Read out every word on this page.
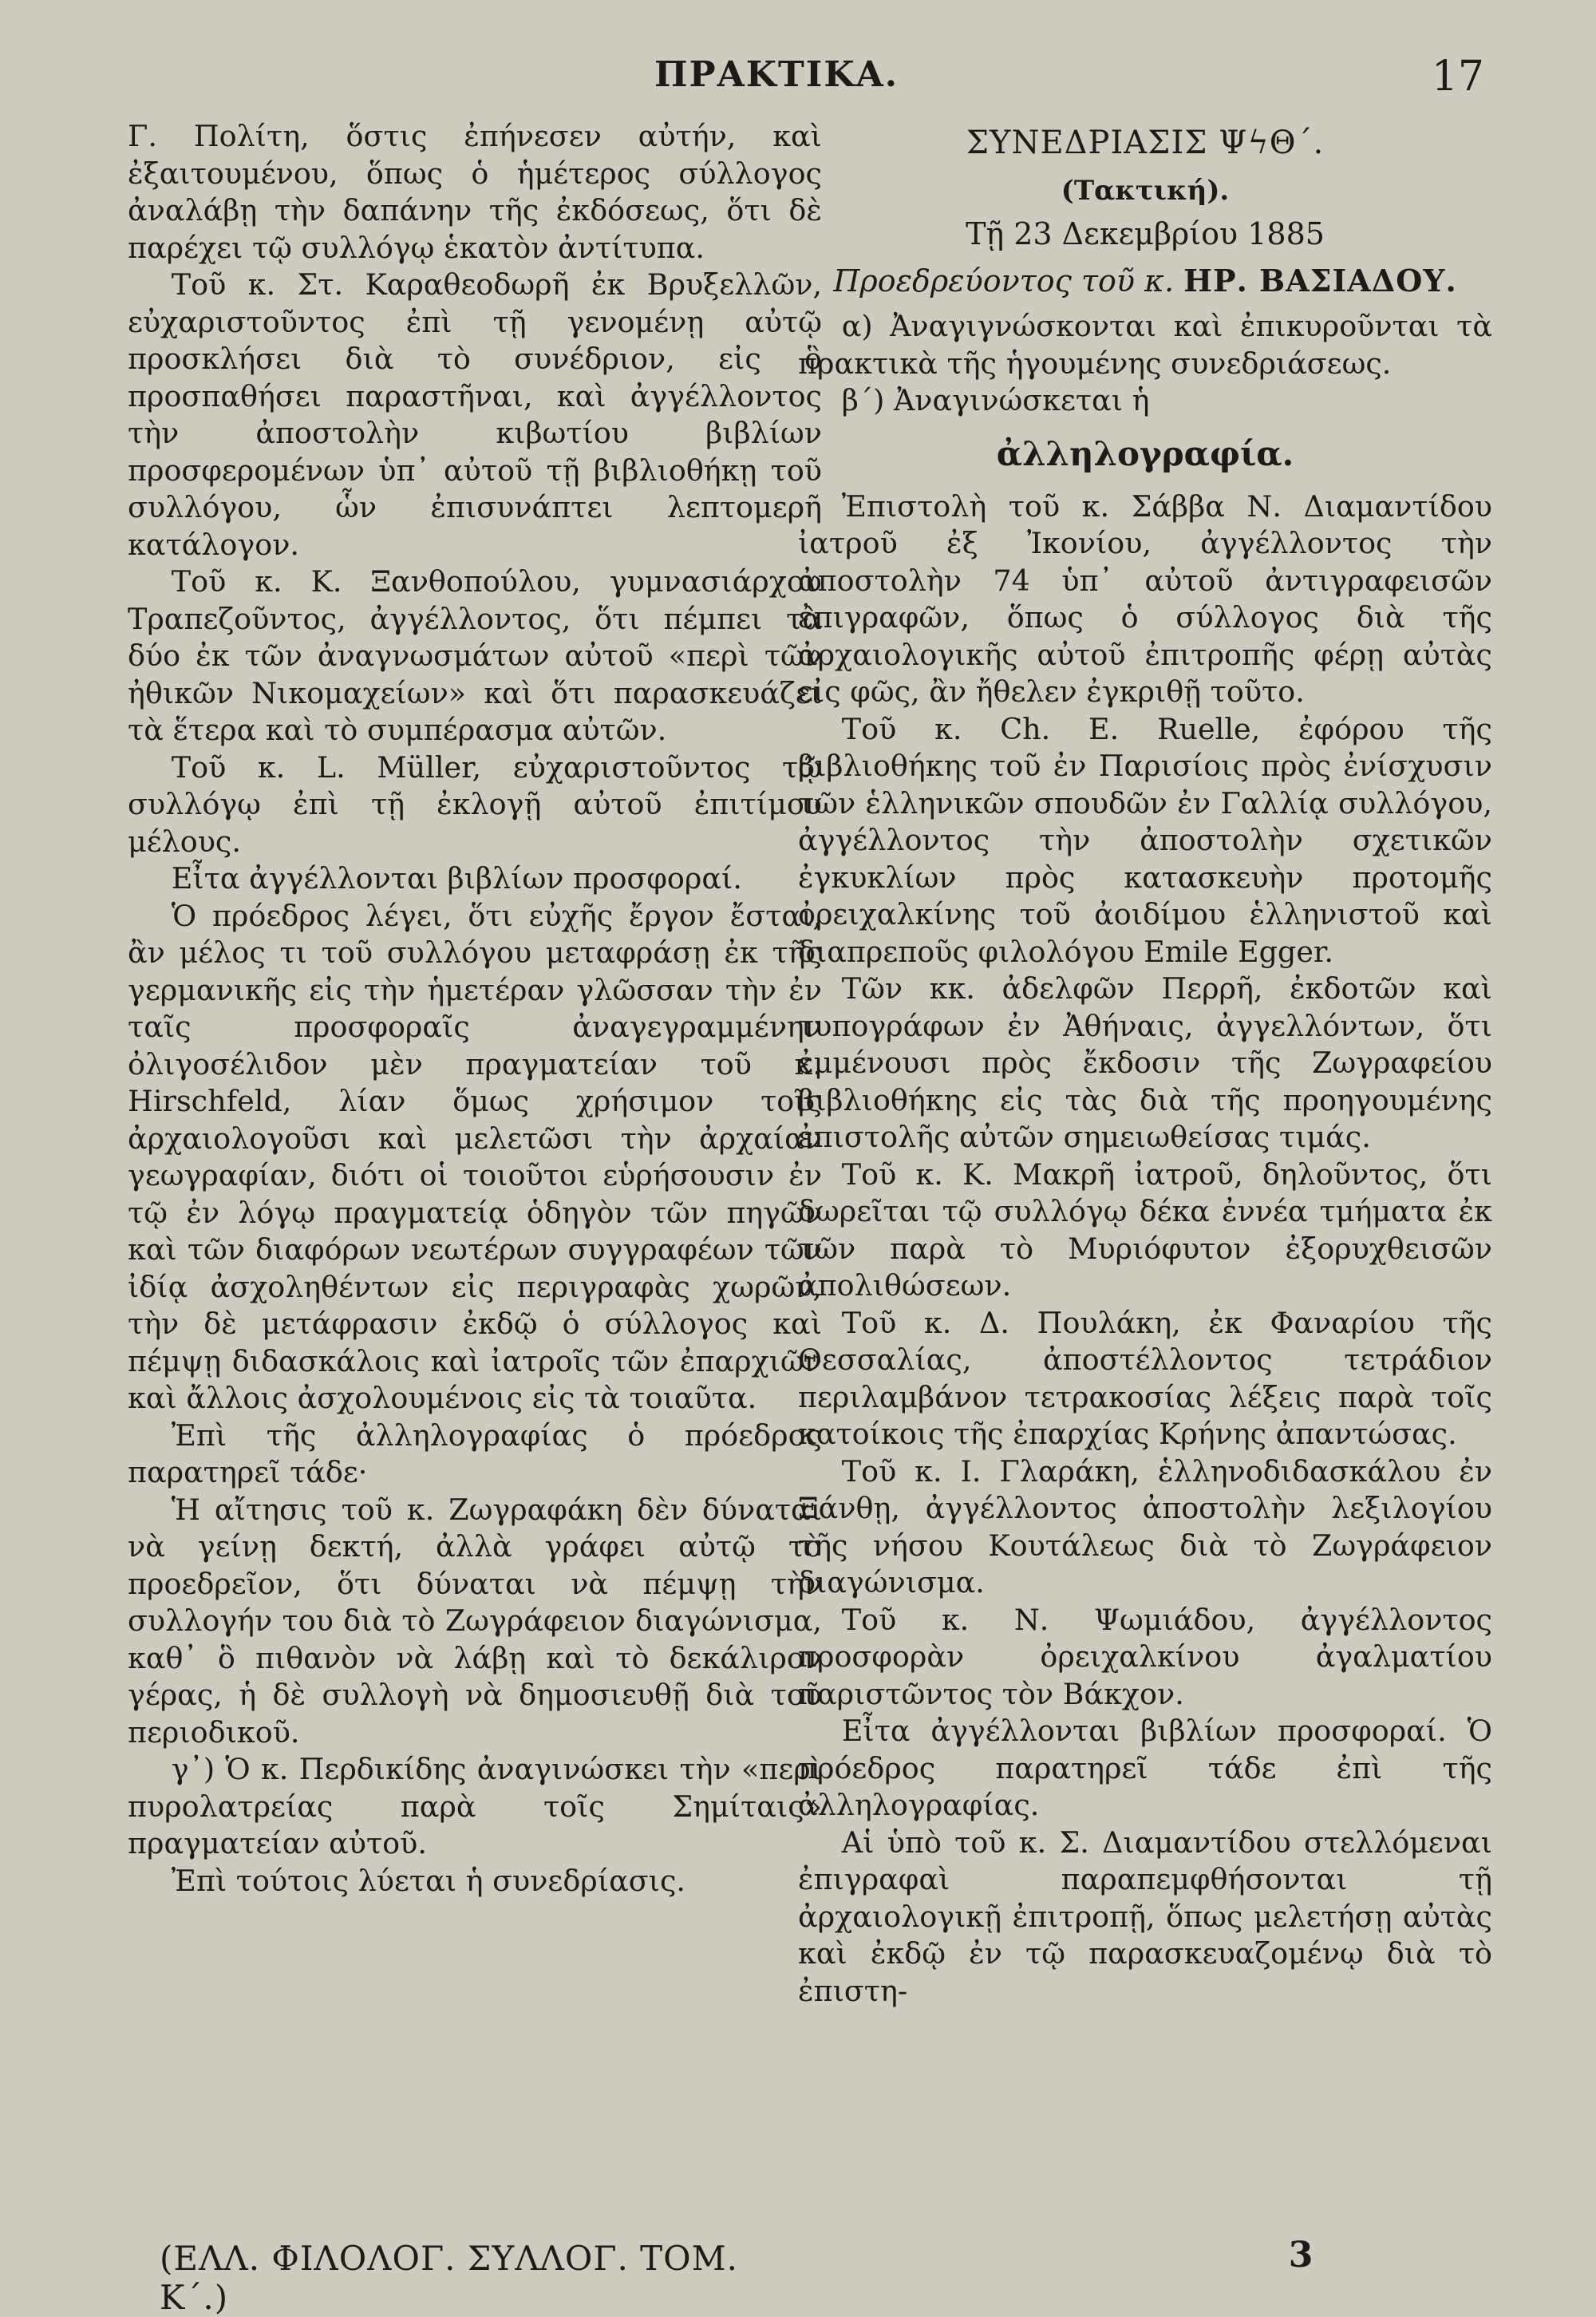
ΠΡΑΚΤΙΚΑ.	17

Γ. Πολίτη, ὅστις ἐπήνεσεν αὐτήν, καὶ ἐξαιτουμένου, ὅπως ὁ ἡμέτερος σύλλογος ἀναλάβῃ τὴν δαπάνην τῆς ἐκδόσεως, ὅτι δὲ παρέχει τῷ συλλόγῳ ἑκατὸν ἀντίτυπα.

Τοῦ κ. Στ. Καραθεοδωρῆ ἐκ Βρυξελλῶν, εὐχαριστοῦντος ἐπὶ τῇ γενομένῃ αὐτῷ προσκλήσει διὰ τὸ συνέδριον, εἰς ὃ προσπαθήσει παραστῆναι, καὶ ἀγγέλλοντος τὴν ἀποστολὴν κιβωτίου βιβλίων προσφερομένων ὑπ᾽ αὐτοῦ τῇ βιβλιοθήκῃ τοῦ συλλόγου, ὧν ἐπισυνάπτει λεπτομερῆ κατάλογον.

Τοῦ κ. Κ. Ξανθοπούλου, γυμνασιάρχου Τραπεζοῦντος, ἀγγέλλοντος, ὅτι πέμπει τὰ δύο ἐκ τῶν ἀναγνωσμάτων αὐτοῦ «περὶ τῶν ἠθικῶν Νικομαχείων» καὶ ὅτι παρασκευάζει τὰ ἕτερα καὶ τὸ συμπέρασμα αὐτῶν.

Τοῦ κ. L. Müller, εὐχαριστοῦντος τῷ συλλόγῳ ἐπὶ τῇ ἐκλογῇ αὐτοῦ ἐπιτίμου μέλους.

Εἶτα ἀγγέλλονται βιβλίων προσφοραί.

Ὁ πρόεδρος λέγει, ὅτι εὐχῆς ἔργον ἔσται, ἂν μέλος τι τοῦ συλλόγου μεταφράσῃ ἐκ τῆς γερμανικῆς εἰς τὴν ἡμετέραν γλῶσσαν τὴν ἐν ταῖς προσφοραῖς ἀναγεγραμμένην ὀλιγοσέλιδον μὲν πραγματείαν τοῦ κ. Hirschfeld, λίαν ὅμως χρήσιμον τοῖς ἀρχαιολογοῦσι καὶ μελετῶσι τὴν ἀρχαίαν γεωγραφίαν, διότι οἱ τοιοῦτοι εὑρήσουσιν ἐν τῷ ἐν λόγῳ πραγματείᾳ ὁδηγὸν τῶν πηγῶν καὶ τῶν διαφόρων νεωτέρων συγγραφέων τῶν ἰδίᾳ ἀσχοληθέντων εἰς περιγραφὰς χωρῶν, τὴν δὲ μετάφρασιν ἐκδῷ ὁ σύλλογος καὶ πέμψῃ διδασκάλοις καὶ ἰατροῖς τῶν ἐπαρχιῶν καὶ ἄλλοις ἀσχολουμένοις εἰς τὰ τοιαῦτα.

Ἐπὶ τῆς ἀλληλογραφίας ὁ πρόεδρος παρατηρεῖ τάδε·

Ἡ αἴτησις τοῦ κ. Ζωγραφάκη δὲν δύναται νὰ γείνῃ δεκτή, ἀλλὰ γράφει αὐτῷ τὸ προεδρεῖον, ὅτι δύναται νὰ πέμψῃ τὴν συλλογήν του διὰ τὸ Ζωγράφειον διαγώνισμα, καθ᾽ ὃ πιθανὸν νὰ λάβῃ καὶ τὸ δεκάλιρον γέρας, ἡ δὲ συλλογὴ νὰ δημοσιευθῇ διὰ τοῦ περιοδικοῦ.

γ᾽) Ὁ κ. Περδικίδης ἀναγινώσκει τὴν «περὶ πυρολατρείας παρὰ τοῖς Σημίταις» πραγματείαν αὐτοῦ.

Ἐπὶ τούτοις λύεται ἡ συνεδρίασις.

ΣΥΝΕΔΡΙΑΣΙΣ ΨϟΘ΄.
(Τακτική).
Τῇ 23 Δεκεμβρίου 1885
Προεδρεύοντος τοῦ κ. ΗΡ. ΒΑΣΙΑΔΟΥ.

α) Ἀναγιγνώσκονται καὶ ἐπικυροῦνται τὰ πρακτικὰ τῆς ἡγουμένης συνεδριάσεως.

β΄) Ἀναγινώσκεται ἡ

ἀλληλογραφία.

Ἐπιστολὴ τοῦ κ. Σάββα Ν. Διαμαντίδου ἰατροῦ ἐξ Ἰκονίου, ἀγγέλλοντος τὴν ἀποστολὴν 74 ὑπ᾽ αὐτοῦ ἀντιγραφεισῶν ἐπιγραφῶν, ὅπως ὁ σύλλογος διὰ τῆς ἀρχαιολογικῆς αὐτοῦ ἐπιτροπῆς φέρῃ αὐτὰς εἰς φῶς, ἂν ἤθελεν ἐγκριθῇ τοῦτο.

Τοῦ κ. Ch. E. Ruelle, ἐφόρου τῆς βιβλιοθήκης τοῦ ἐν Παρισίοις πρὸς ἐνίσχυσιν τῶν ἑλληνικῶν σπουδῶν ἐν Γαλλίᾳ συλλόγου, ἀγγέλλοντος τὴν ἀποστολὴν σχετικῶν ἐγκυκλίων πρὸς κατασκευὴν προτομῆς ὀρειχαλκίνης τοῦ ἀοιδίμου ἑλληνιστοῦ καὶ διαπρεποῦς φιλολόγου Emile Egger.

Τῶν κκ. ἀδελφῶν Περρῆ, ἐκδοτῶν καὶ τυπογράφων ἐν Ἀθήναις, ἀγγελλόντων, ὅτι ἐμμένουσι πρὸς ἔκδοσιν τῆς Ζωγραφείου βιβλιοθήκης εἰς τὰς διὰ τῆς προηγουμένης ἐπιστολῆς αὐτῶν σημειωθείσας τιμάς.

Τοῦ κ. Κ. Μακρῆ ἰατροῦ, δηλοῦντος, ὅτι δωρεῖται τῷ συλλόγῳ δέκα ἐννέα τμήματα ἐκ τῶν παρὰ τὸ Μυριόφυτον ἐξορυχθεισῶν ἀπολιθώσεων.

Τοῦ κ. Δ. Πουλάκη, ἐκ Φαναρίου τῆς Θεσσαλίας, ἀποστέλλοντος τετράδιον περιλαμβάνον τετρακοσίας λέξεις παρὰ τοῖς κατοίκοις τῆς ἐπαρχίας Κρήνης ἀπαντώσας.

Τοῦ κ. Ι. Γλαράκη, ἑλληνοδιδασκάλου ἐν Ξάνθῃ, ἀγγέλλοντος ἀποστολὴν λεξιλογίου τῆς νήσου Κουτάλεως διὰ τὸ Ζωγράφειον διαγώνισμα.

Τοῦ κ. Ν. Ψωμιάδου, ἀγγέλλοντος προσφορὰν ὀρειχαλκίνου ἀγαλματίου παριστῶντος τὸν Βάκχον.

Εἶτα ἀγγέλλονται βιβλίων προσφοραί. Ὁ πρόεδρος παρατηρεῖ τάδε ἐπὶ τῆς ἀλληλογραφίας.

Αἱ ὑπὸ τοῦ κ. Σ. Διαμαντίδου στελλόμεναι ἐπιγραφαὶ παραπεμφθήσονται τῇ ἀρχαιολογικῇ ἐπιτροπῇ, ὅπως μελετήσῃ αὐτὰς καὶ ἐκδῷ ἐν τῷ παρασκευαζομένῳ διὰ τὸ ἐπιστη-

(ΕΛΛ. ΦΙΛΟΛΟΓ. ΣΥΛΛΟΓ. ΤΟΜ. Κ΄.)
3
